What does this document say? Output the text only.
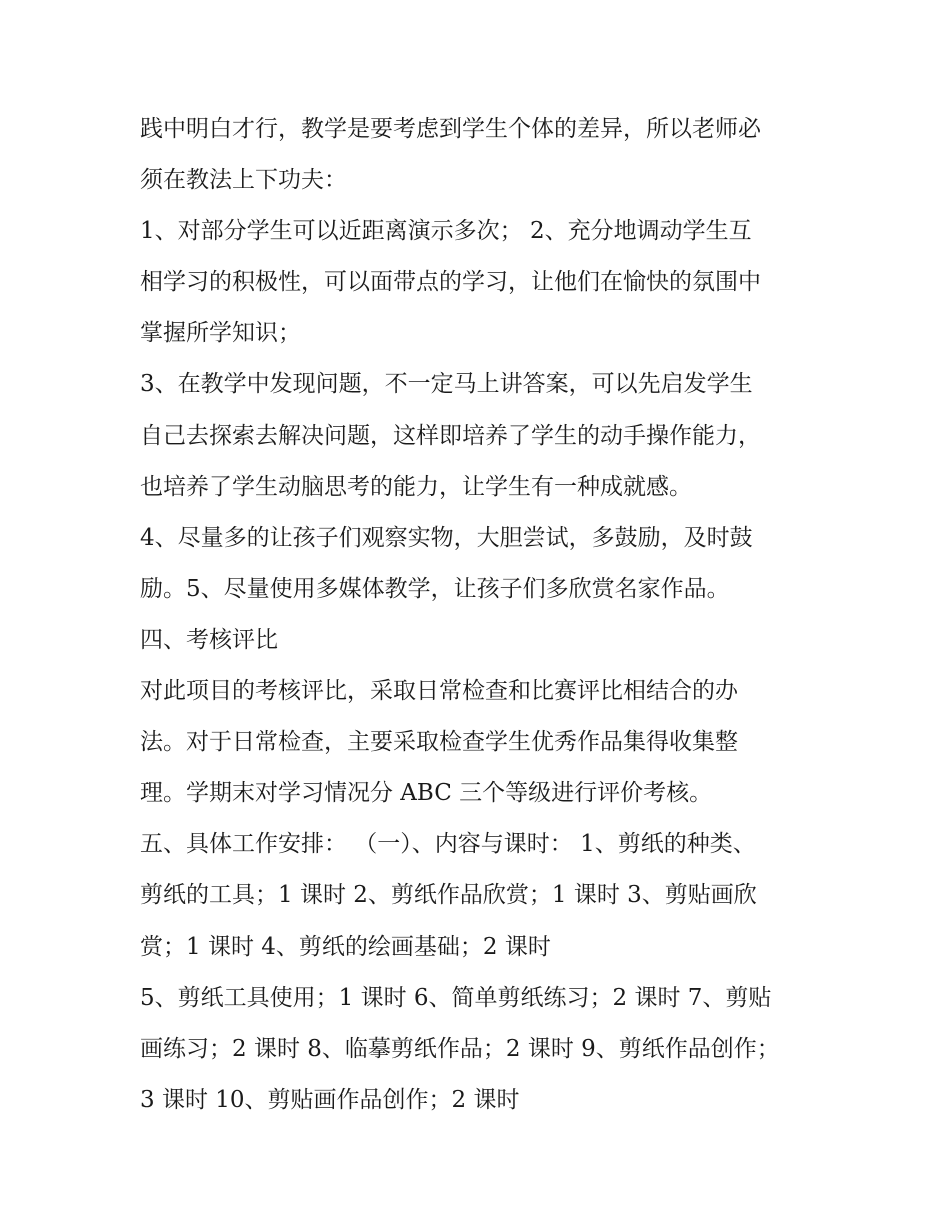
践中明白才行，教学是要考虑到学生个体的差异，所以老师必
须在教法上下功夫：
1、对部分学生可以近距离演示多次； 2、充分地调动学生互
相学习的积极性，可以面带点的学习，让他们在愉快的氛围中
掌握所学知识；
3、在教学中发现问题，不一定马上讲答案，可以先启发学生
自己去探索去解决问题，这样即培养了学生的动手操作能力，
也培养了学生动脑思考的能力，让学生有一种成就感。
4、尽量多的让孩子们观察实物，大胆尝试，多鼓励，及时鼓
励。5、尽量使用多媒体教学，让孩子们多欣赏名家作品。
四、考核评比
对此项目的考核评比，采取日常检查和比赛评比相结合的办
法。对于日常检查，主要采取检查学生优秀作品集得收集整
理。学期末对学习情况分 ABC 三个等级进行评价考核。
五、具体工作安排： （一）、内容与课时： 1、剪纸的种类、
剪纸的工具；1 课时 2、剪纸作品欣赏；1 课时 3、剪贴画欣
赏；1 课时 4、剪纸的绘画基础；2 课时
5、剪纸工具使用；1 课时 6、简单剪纸练习；2 课时 7、剪贴
画练习；2 课时 8、临摹剪纸作品；2 课时 9、剪纸作品创作；
3 课时 10、剪贴画作品创作；2 课时
